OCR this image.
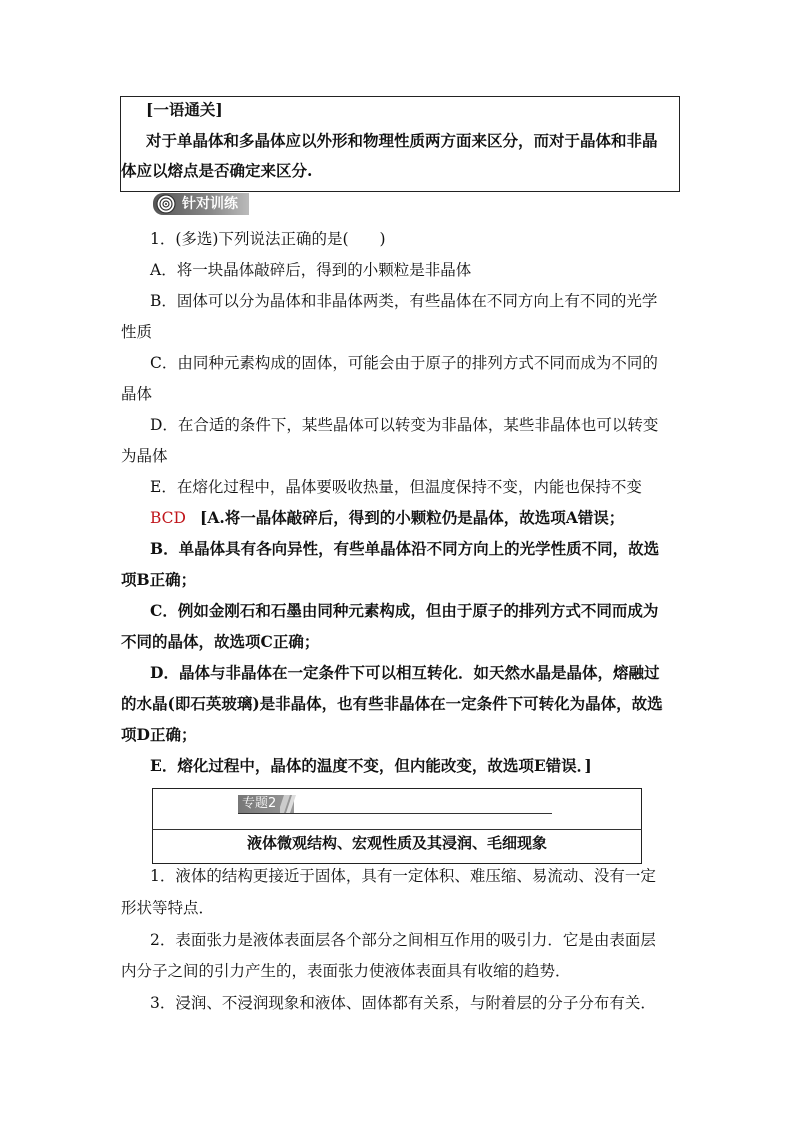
[一语通关]
对于单晶体和多晶体应以外形和物理性质两方面来区分，而对于晶体和非晶
体应以熔点是否确定来区分.
针对训练
1．(多选)下列说法正确的是(　　)
A．将一块晶体敲碎后，得到的小颗粒是非晶体
B．固体可以分为晶体和非晶体两类，有些晶体在不同方向上有不同的光学
性质
C．由同种元素构成的固体，可能会由于原子的排列方式不同而成为不同的
晶体
D．在合适的条件下，某些晶体可以转变为非晶体，某些非晶体也可以转变
为晶体
E．在熔化过程中，晶体要吸收热量，但温度保持不变，内能也保持不变
BCD [A.将一晶体敲碎后，得到的小颗粒仍是晶体，故选项A错误；
B．单晶体具有各向异性，有些单晶体沿不同方向上的光学性质不同，故选
项B正确；
C．例如金刚石和石墨由同种元素构成，但由于原子的排列方式不同而成为
不同的晶体，故选项C正确；
D．晶体与非晶体在一定条件下可以相互转化．如天然水晶是晶体，熔融过
的水晶(即石英玻璃)是非晶体，也有些非晶体在一定条件下可转化为晶体，故选
项D正确；
E．熔化过程中，晶体的温度不变，但内能改变，故选项E错误．]
专题2
液体微观结构、宏观性质及其浸润、毛细现象
1．液体的结构更接近于固体，具有一定体积、难压缩、易流动、没有一定
形状等特点．
2．表面张力是液体表面层各个部分之间相互作用的吸引力．它是由表面层
内分子之间的引力产生的，表面张力使液体表面具有收缩的趋势．
3．浸润、不浸润现象和液体、固体都有关系，与附着层的分子分布有关．
